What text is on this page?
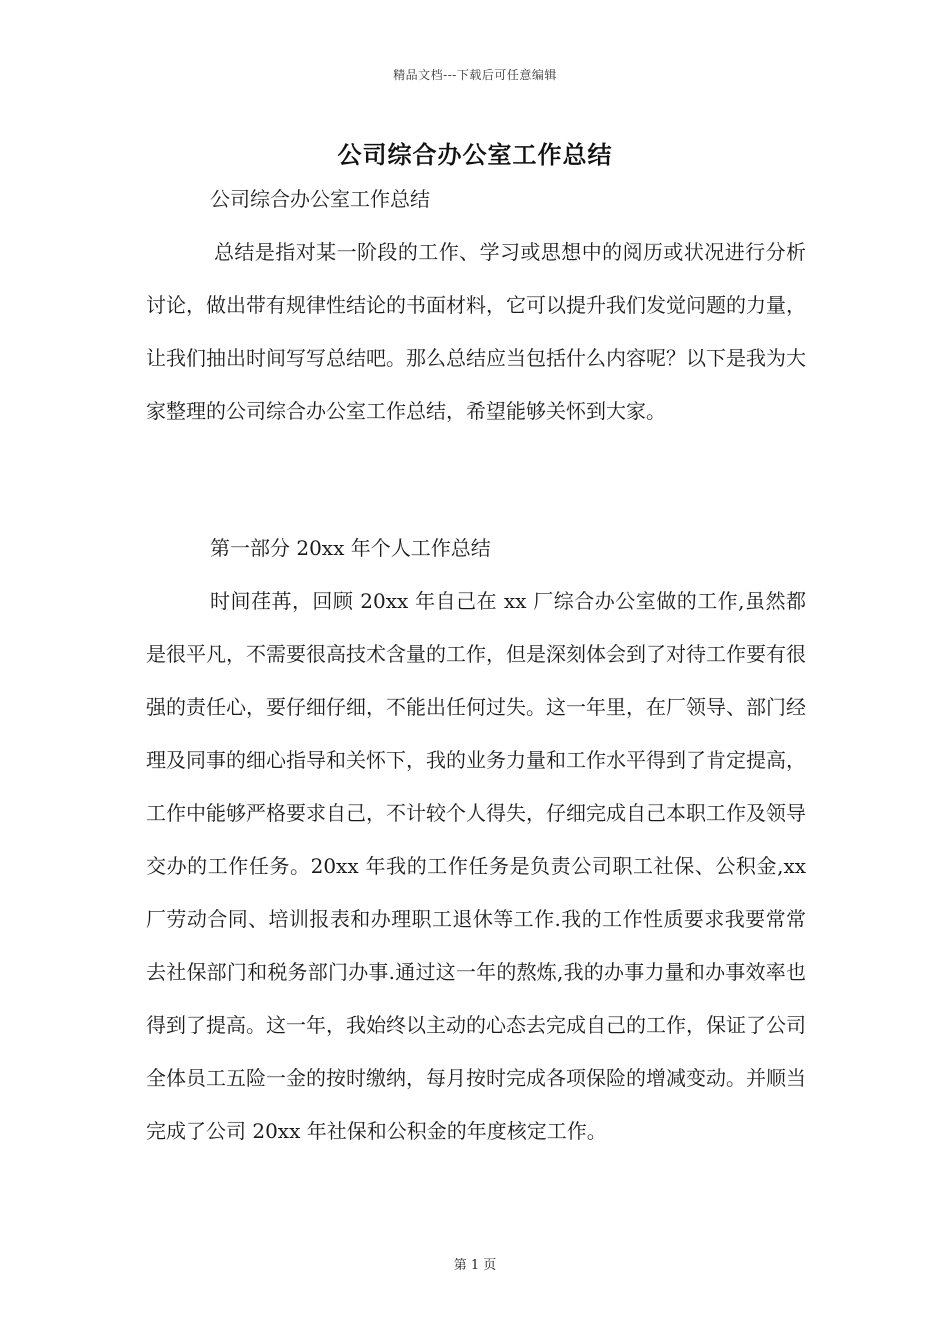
精品文档---下载后可任意编辑
公司综合办公室工作总结

公司综合办公室工作总结

总结是指对某一阶段的工作、学习或思想中的阅历或状况进行分析讨论，做出带有规律性结论的书面材料，它可以提升我们发觉问题的力量，让我们抽出时间写写总结吧。那么总结应当包括什么内容呢？以下是我为大家整理的公司综合办公室工作总结，希望能够关怀到大家。

第一部分 20xx 年个人工作总结

时间荏苒，回顾 20xx 年自己在 xx 厂综合办公室做的工作,虽然都是很平凡，不需要很高技术含量的工作，但是深刻体会到了对待工作要有很强的责任心，要仔细仔细，不能出任何过失。这一年里，在厂领导、部门经理及同事的细心指导和关怀下，我的业务力量和工作水平得到了肯定提高，工作中能够严格要求自己，不计较个人得失，仔细完成自己本职工作及领导交办的工作任务。20xx 年我的工作任务是负责公司职工社保、公积金,xx 厂劳动合同、培训报表和办理职工退休等工作.我的工作性质要求我要常常去社保部门和税务部门办事.通过这一年的熬炼,我的办事力量和办事效率也得到了提高。这一年，我始终以主动的心态去完成自己的工作，保证了公司全体员工五险一金的按时缴纳，每月按时完成各项保险的增减变动。并顺当完成了公司 20xx 年社保和公积金的年度核定工作。

第 1 页
